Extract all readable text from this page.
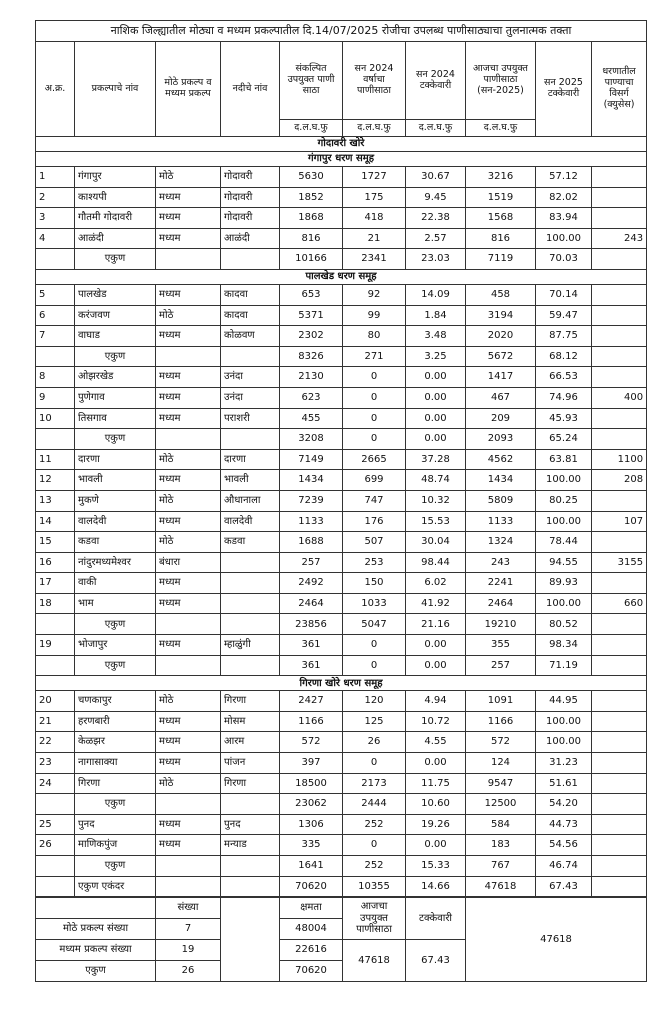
नाशिक जिल्ह्यातील मोठ्या व मध्यम प्रकल्पातील दि.14/07/2025 रोजीचा उपलब्ध पाणीसाठ्याचा तुलनात्मक तक्ता									
अ.क्र.	प्रकल्पाचे नांव	मोठे प्रकल्प व मध्यम प्रकल्प	नदीचे नांव	संकल्पित उपयुक्त पाणी साठा	सन 2024 वर्षाचा पाणीसाठा	सन 2024 टक्केवारी	आजचा उपयुक्त पाणीसाठा (सन-2025)	सन 2025 टक्केवारी	धरणातील पाण्याचा विसर्ग (क्युसेस)
				द.ल.घ.फु	द.ल.घ.फु	द.ल.घ.फु	द.ल.घ.फु		
गोदावरी खोरे									
गंगापुर धरण समूह									
1	गंगापुर	मोठे	गोदावरी	5630	1727	30.67	3216	57.12	
2	काश्यपी	मध्यम	गोदावरी	1852	175	9.45	1519	82.02	
3	गौतमी गोदावरी	मध्यम	गोदावरी	1868	418	22.38	1568	83.94	
4	आळंदी	मध्यम	आळंदी	816	21	2.57	816	100.00	243
	एकुण			10166	2341	23.03	7119	70.03	
पालखेड धरण समूह									
5	पालखेड	मध्यम	कादवा	653	92	14.09	458	70.14	
6	करंजवण	मोठे	कादवा	5371	99	1.84	3194	59.47	
7	वाघाड	मध्यम	कोळवण	2302	80	3.48	2020	87.75	
	एकुण			8326	271	3.25	5672	68.12	
8	ओझरखेड	मध्यम	उनंदा	2130	0	0.00	1417	66.53	
9	पुणेगाव	मध्यम	उनंदा	623	0	0.00	467	74.96	400
10	तिसगाव	मध्यम	पराशरी	455	0	0.00	209	45.93	
	एकुण			3208	0	0.00	2093	65.24	
11	दारणा	मोठे	दारणा	7149	2665	37.28	4562	63.81	1100
12	भावली	मध्यम	भावली	1434	699	48.74	1434	100.00	208
13	मुकणे	मोठे	औधानाला	7239	747	10.32	5809	80.25	
14	वालदेवी	मध्यम	वालदेवी	1133	176	15.53	1133	100.00	107
15	कडवा	मोठे	कडवा	1688	507	30.04	1324	78.44	
16	नांदुरमध्यमेश्वर	बंधारा		257	253	98.44	243	94.55	3155
17	वाकी	मध्यम		2492	150	6.02	2241	89.93	
18	भाम	मध्यम		2464	1033	41.92	2464	100.00	660
	एकुण			23856	5047	21.16	19210	80.52	
19	भोजापुर	मध्यम	म्हाळुंगी	361	0	0.00	355	98.34	
	एकुण			361	0	0.00	257	71.19	
गिरणा खोरे धरण समूह									
20	चणकापुर	मोठे	गिरणा	2427	120	4.94	1091	44.95	
21	हरणबारी	मध्यम	मोसम	1166	125	10.72	1166	100.00	
22	केळझर	मध्यम	आरम	572	26	4.55	572	100.00	
23	नागासाक्या	मध्यम	पांजन	397	0	0.00	124	31.23	
24	गिरणा	मोठे	गिरणा	18500	2173	11.75	9547	51.61	
	एकुण			23062	2444	10.60	12500	54.20	
25	पुनद	मध्यम	पुनद	1306	252	19.26	584	44.73	
26	माणिकपुंज	मध्यम	मन्याड	335	0	0.00	183	54.56	
	एकुण			1641	252	15.33	767	46.74	
	एकुण एकंदर			70620	10355	14.66	47618	67.43	
	संख्या		क्षमता	आजचा उपयुक्त पाणीसाठा	टक्केवारी	47618
मोठे प्रकल्प संख्या	7		48004			
मध्यम प्रकल्प संख्या	19		22616	47618	67.43	
एकुण	26		70620			
